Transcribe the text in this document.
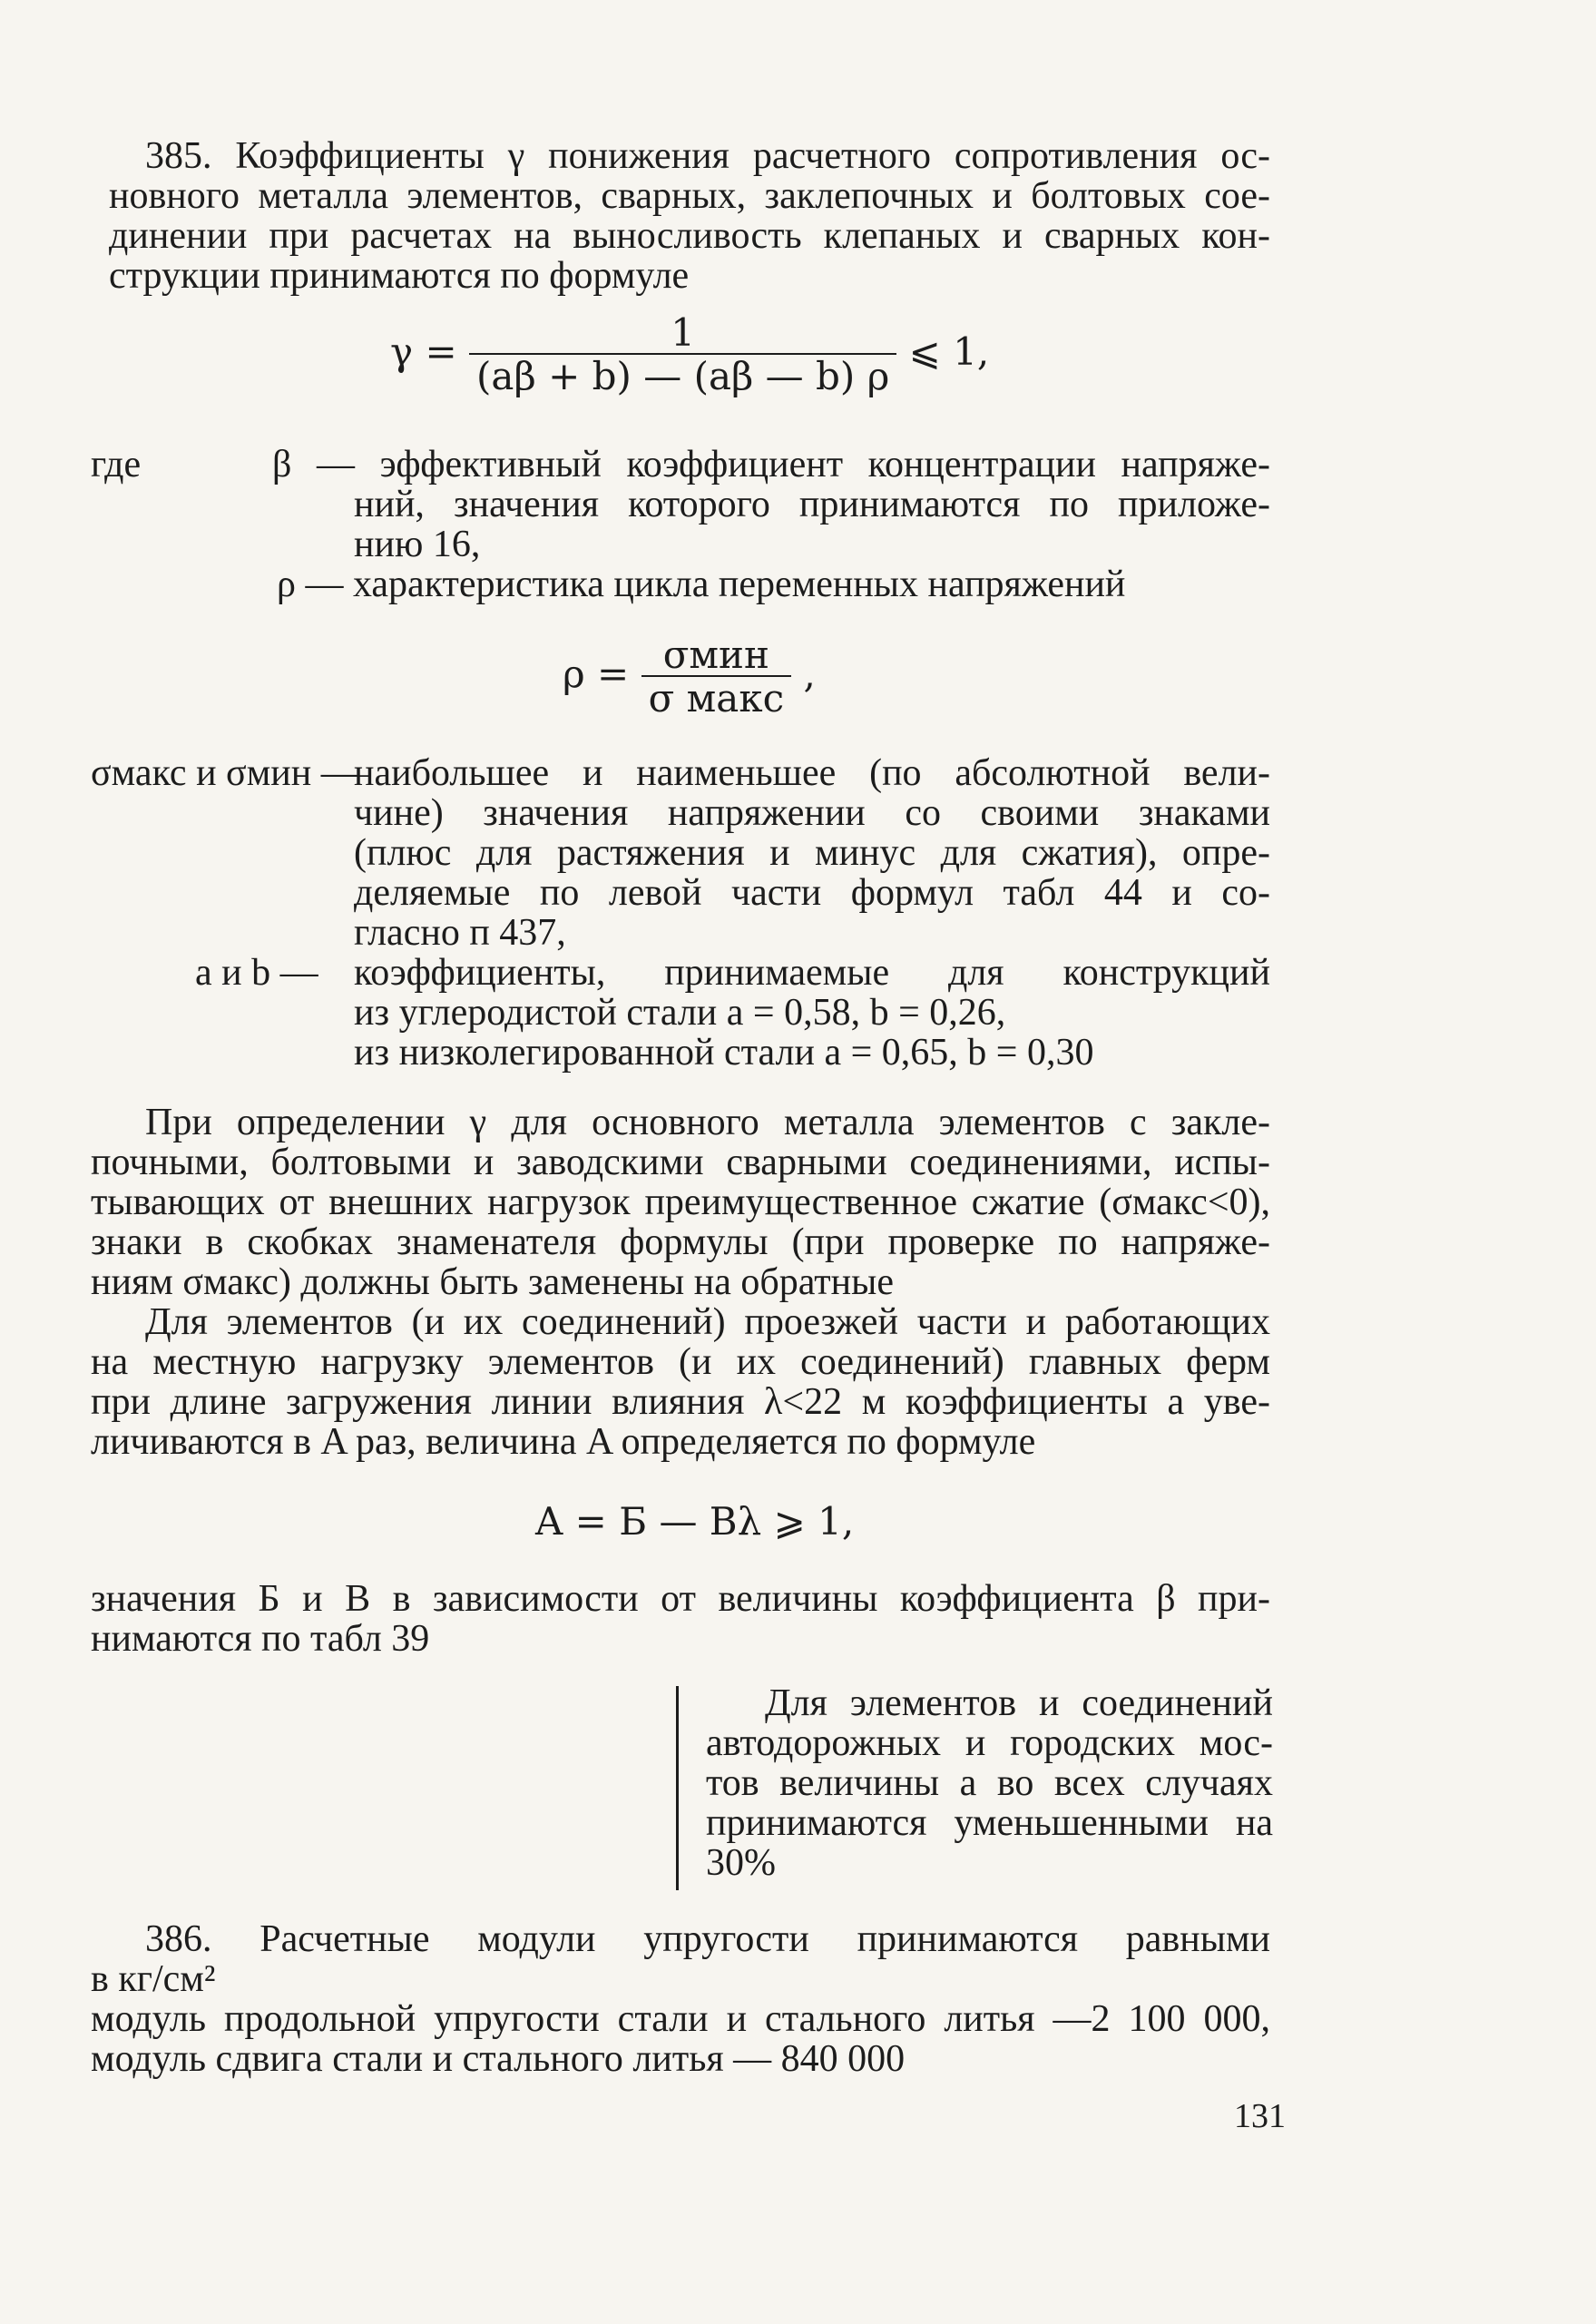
385. Коэффициенты γ понижения расчетного сопротивления ос-
новного металла элементов, сварных, заклепочных и болтовых сое-
динении при расчетах на выносливость клепаных и сварных кон-
струкции принимаются по формуле
$\gamma = \frac{1}{(a\beta + b) — (a\beta — b) \rho}$ ⩽ 1,
где	β — эффективный коэффициент концентрации напряже-
ний, значения которого принимаются по приложе-
нию 16,
ρ — характеристика цикла переменных напряжений
$\rho = \frac{\text{σмин}}{\text{σ макс}}$ ,
σмакс и σмин —
наибольшее и наименьшее (по абсолютной вели-
чине) значения напряжении со своими знаками
(плюс для растяжения и минус для сжатия), опре-
деляемые по левой части формул табл 44 и со-
гласно п 437,
a и b — коэффициенты, принимаемые для конструкций
из углеродистой стали a = 0,58, b = 0,26,
из низколегированной стали a = 0,65, b = 0,30
При определении γ для основного металла элементов с закле-
почными, болтовыми и заводскими сварными соединениями, испы-
тывающих от внешних нагрузок преимущественное сжатие (σмакс<0),
знаки в скобках знаменателя формулы (при проверке по напряже-
ниям σмакс) должны быть заменены на обратные
Для элементов (и их соединений) проезжей части и работающих
на местную нагрузку элементов (и их соединений) главных ферм
при длине загружения линии влияния λ<22 м коэффициенты a уве-
личиваются в A раз, величина A определяется по формуле
A = Б — Вλ ⩾ 1,
значения Б и В в зависимости от величины коэффициента β при-
нимаются по табл 39
Для элементов и соединений
автодорожных и городских мос-
тов величины a во всех случаях
принимаются уменьшенными на
30%
386. Расчетные модули упругости принимаются равными
в кг/см²
модуль продольной упругости стали и стального литья —2 100 000,
модуль сдвига стали и стального литья — 840 000
131
